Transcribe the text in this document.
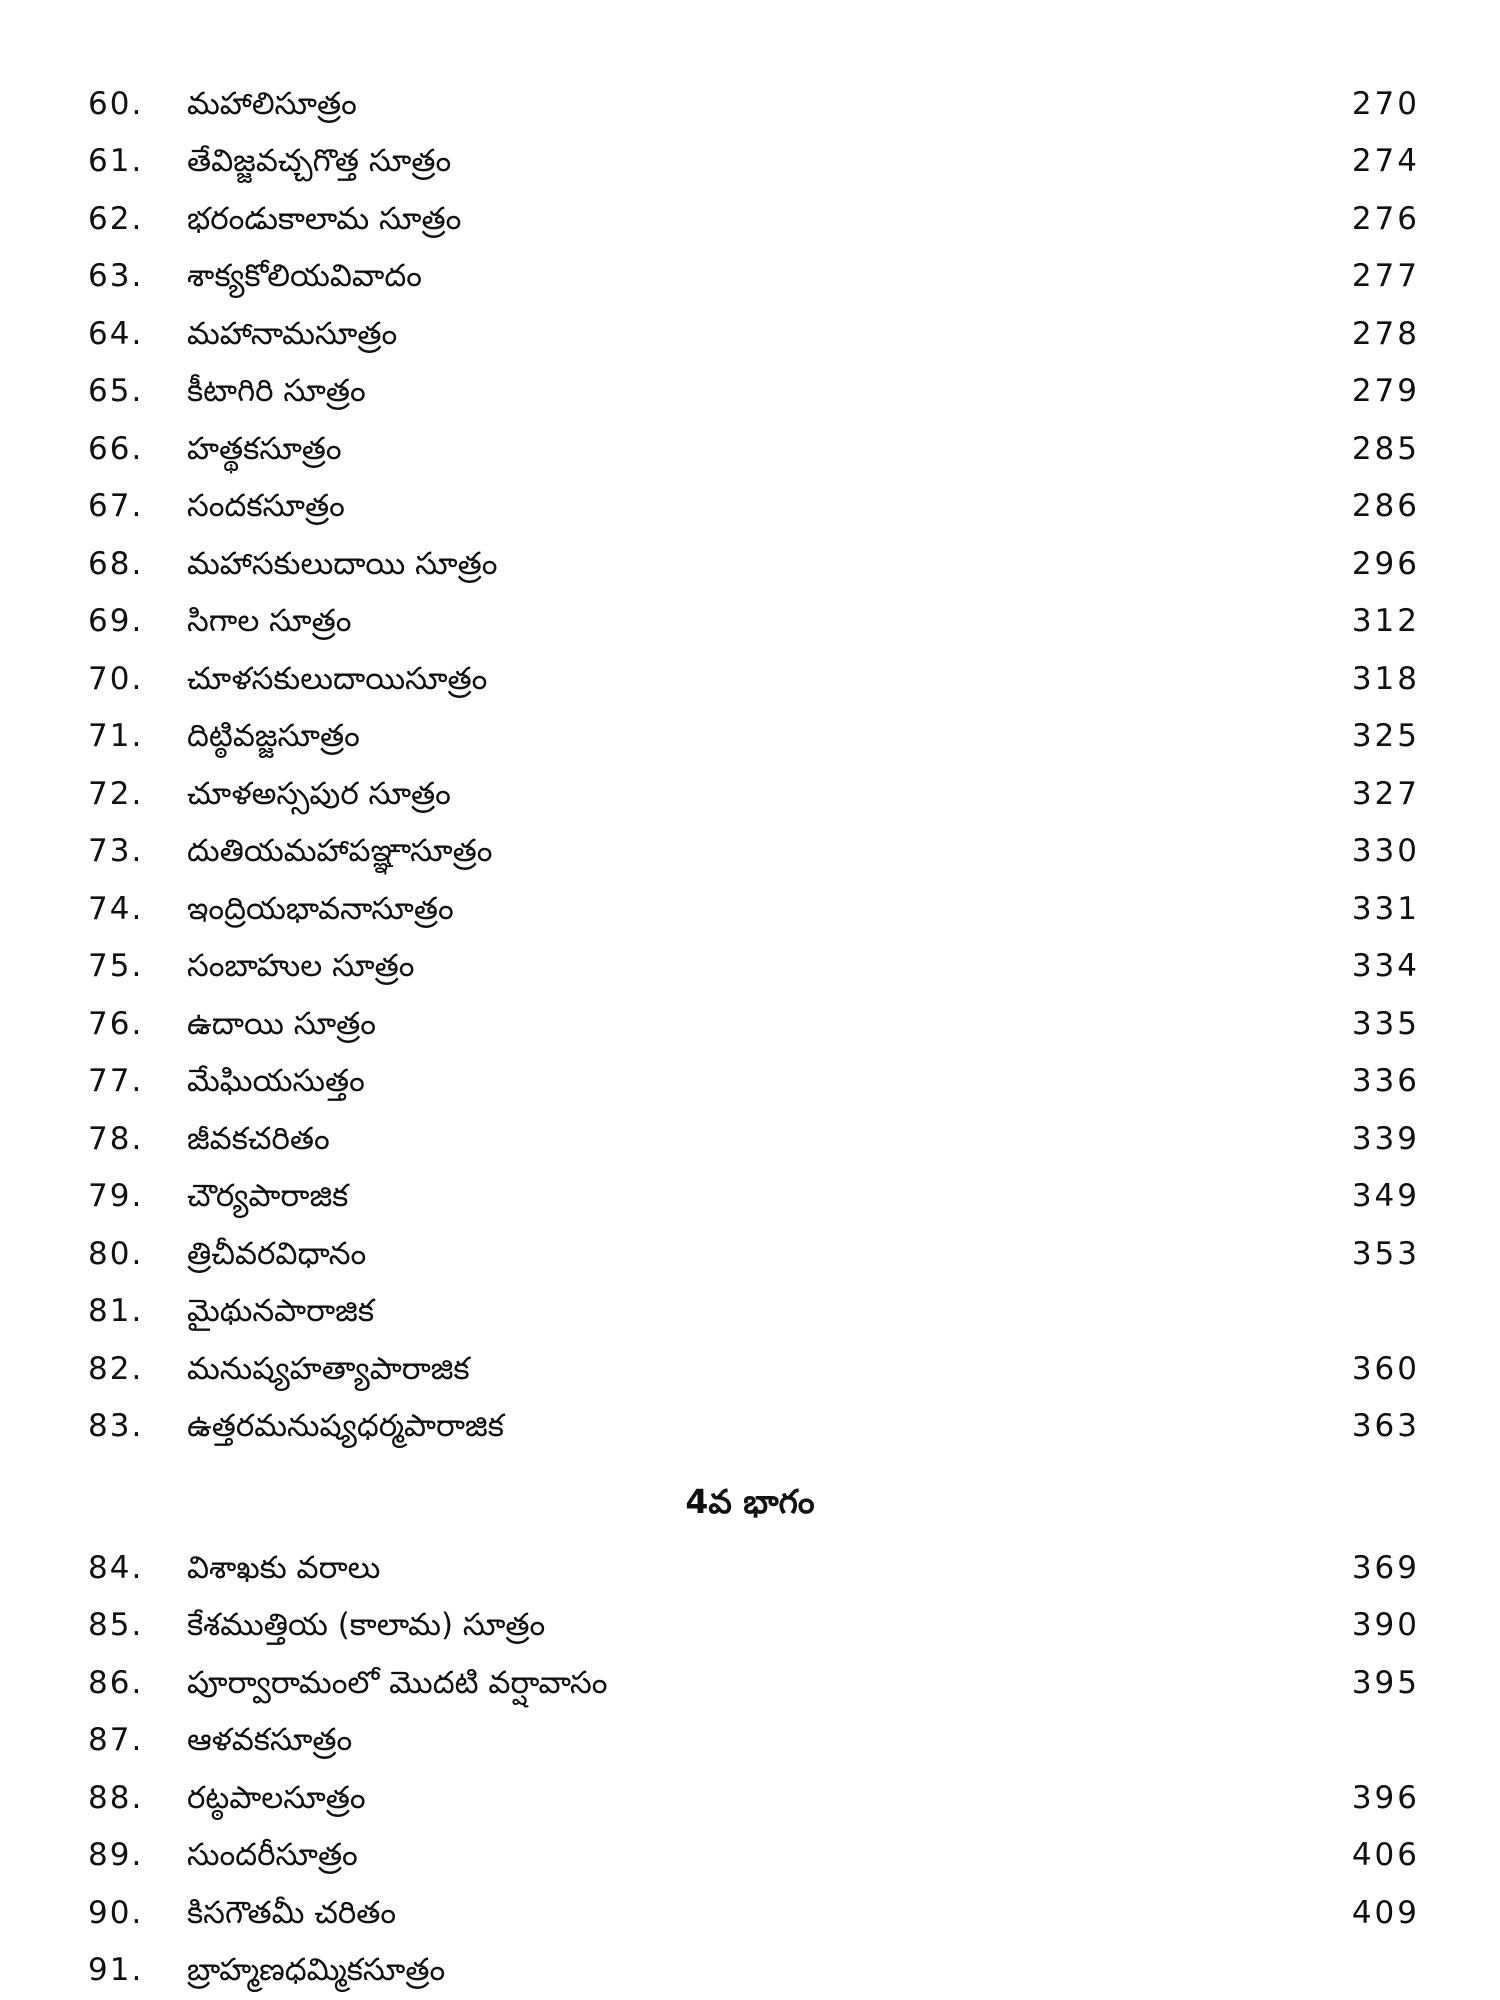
60.	మహాలిసూత్రం	270
61.	తేవిజ్జవచ్చగొత్త సూత్రం	274
62.	భరండుకాలామ సూత్రం	276
63.	శాక్యకోలియవివాదం	277
64.	మహానామసూత్రం	278
65.	కీటాగిరి సూత్రం	279
66.	హత్థకసూత్రం	285
67.	సందకసూత్రం	286
68.	మహాసకులుదాయి సూత్రం	296
69.	సిగాల సూత్రం	312
70.	చూళసకులుదాయిసూత్రం	318
71.	దిట్ఠివజ్జసూత్రం	325
72.	చూళఅస్సపుర సూత్రం	327
73.	దుతియమహాపఞ్ఞాసూత్రం	330
74.	ఇంద్రియభావనాసూత్రం	331
75.	సంబాహుల సూత్రం	334
76.	ఉదాయి సూత్రం	335
77.	మేఘియసుత్తం	336
78.	జీవకచరితం	339
79.	చౌర్యపారాజిక	349
80.	త్రిచీవరవిధానం	353
81.	మైథునపారాజిక
82.	మనుష్యహత్యాపారాజిక	360
83.	ఉత్తరమనుష్యధర్మపారాజిక	363
4వ భాగం
84.	విశాఖకు వరాలు	369
85.	కేశముత్తియ (కాలామ) సూత్రం	390
86.	పూర్వారామంలో మొదటి వర్షావాసం	395
87.	ఆళవకసూత్రం
88.	రట్ఠపాలసూత్రం	396
89.	సుందరీసూత్రం	406
90.	కిసగౌతమీ చరితం	409
91.	బ్రాహ్మణధమ్మికసూత్రం
